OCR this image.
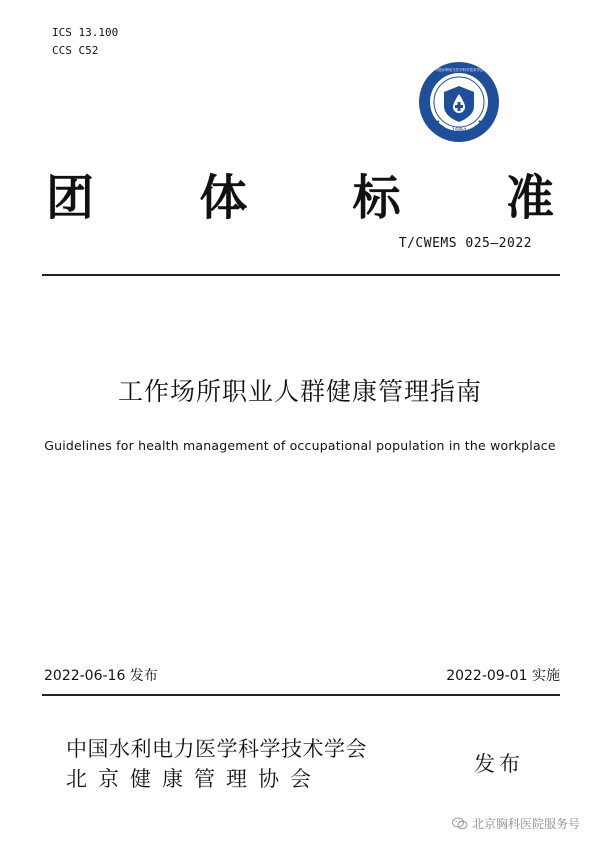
ICS 13.100
CCS C52
1984
中国水利电力医学科学技术学会
团 体 标 准
T/CWEMS 025—2022
工作场所职业人群健康管理指南
Guidelines for health management of occupational population in the workplace
2022-06-16 发布	2022-09-01 实施
中国水利电力医学科学技术学会
北京健康管理协会
发布
北京胸科医院服务号
